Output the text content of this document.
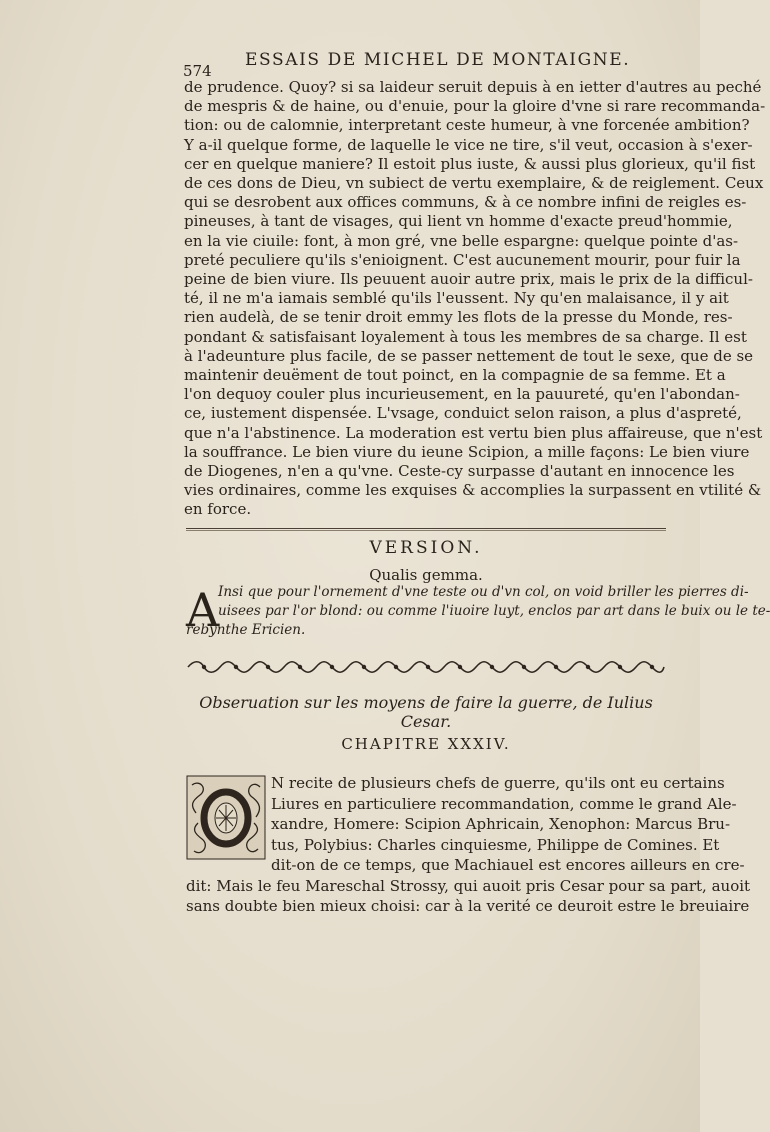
574
ESSAIS DE MICHEL DE MONTAIGNE.
de prudence. Quoy? si sa laideur seruit depuis à en ietter d'autres au peché
de mespris & de haine, ou d'enuie, pour la gloire d'vne si rare recommanda-
tion: ou de calomnie, interpretant ceste humeur, à vne forcenée ambition?
Y a-il quelque forme, de laquelle le vice ne tire, s'il veut, occasion à s'exer-
cer en quelque maniere? Il estoit plus iuste, & aussi plus glorieux, qu'il fist
de ces dons de Dieu, vn subiect de vertu exemplaire, & de reiglement. Ceux
qui se desrobent aux offices communs, & à ce nombre infini de reigles es-
pineuses, à tant de visages, qui lient vn homme d'exacte preud'hommie,
en la vie ciuile: font, à mon gré, vne belle espargne: quelque pointe d'as-
preté peculiere qu'ils s'enioignent. C'est aucunement mourir, pour fuir la
peine de bien viure. Ils peuuent auoir autre prix, mais le prix de la difficul-
té, il ne m'a iamais semblé qu'ils l'eussent. Ny qu'en malaisance, il y ait
rien audelà, de se tenir droit emmy les flots de la presse du Monde, res-
pondant & satisfaisant loyalement à tous les membres de sa charge. Il est
à l'adeunture plus facile, de se passer nettement de tout le sexe, que de se
maintenir deuëment de tout poinct, en la compagnie de sa femme. Et a
l'on dequoy couler plus incurieusement, en la pauureté, qu'en l'abondan-
ce, iustement dispensée. L'vsage, conduict selon raison, a plus d'aspreté,
que n'a l'abstinence. La moderation est vertu bien plus affaireuse, que n'est
la souffrance. Le bien viure du ieune Scipion, a mille façons: Le bien viure
de Diogenes, n'en a qu'vne. Ceste-cy surpasse d'autant en innocence les
vies ordinaires, comme les exquises & accomplies la surpassent en vtilité &
en force.
VERSION.
Qualis gemma.
A
Insi que pour l'ornement d'vne teste ou d'vn col, on void briller les pierres di-
uisees par l'or blond: ou comme l'iuoire luyt, enclos par art dans le buix ou le te-
rebynthe Ericien.
Obseruation sur les moyens de faire la guerre, de Iulius Cesar.
CHAPITRE XXXIV.
N recite de plusieurs chefs de guerre, qu'ils ont eu certains
Liures en particuliere recommandation, comme le grand Ale-
xandre, Homere: Scipion Aphricain, Xenophon: Marcus Bru-
tus, Polybius: Charles cinquiesme, Philippe de Comines. Et
dit-on de ce temps, que Machiauel est encores ailleurs en cre-
dit: Mais le feu Mareschal Strossy, qui auoit pris Cesar pour sa part, auoit
sans doubte bien mieux choisi: car à la verité ce deuroit estre le breuiaire
